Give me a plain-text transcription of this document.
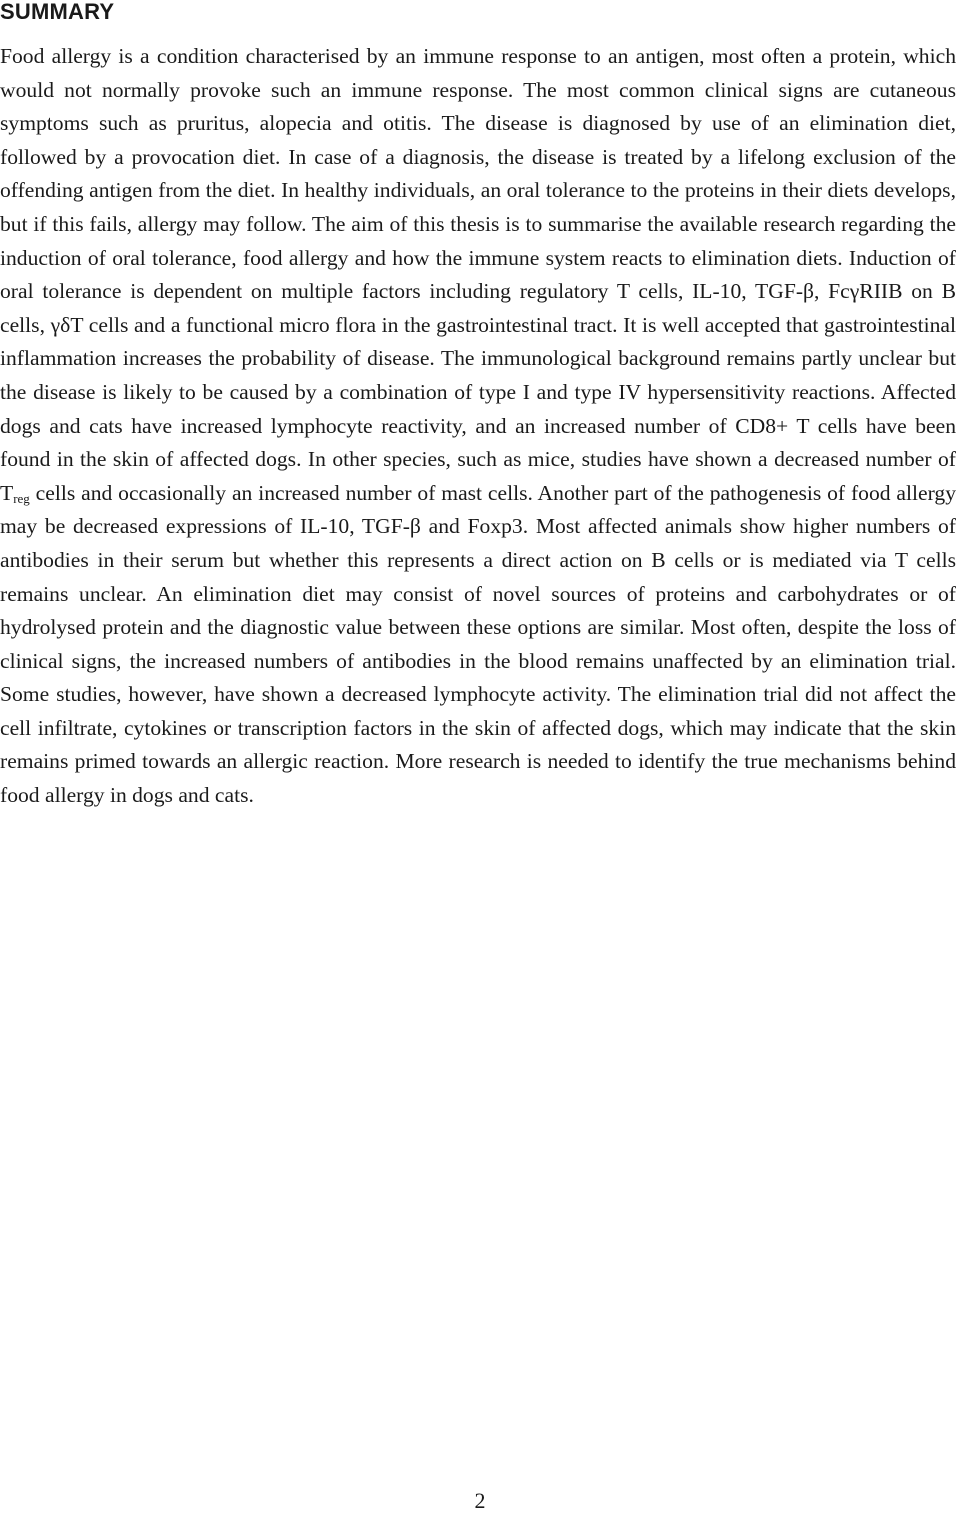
SUMMARY

Food allergy is a condition characterised by an immune response to an antigen, most often a protein, which would not normally provoke such an immune response. The most common clinical signs are cutaneous symptoms such as pruritus, alopecia and otitis. The disease is diagnosed by use of an elimination diet, followed by a provocation diet. In case of a diagnosis, the disease is treated by a lifelong exclusion of the offending antigen from the diet. In healthy individuals, an oral tolerance to the proteins in their diets develops, but if this fails, allergy may follow. The aim of this thesis is to summarise the available research regarding the induction of oral tolerance, food allergy and how the immune system reacts to elimination diets. Induction of oral tolerance is dependent on multiple factors including regulatory T cells, IL-10, TGF-β, FcγRIIB on B cells, γδT cells and a functional micro flora in the gastrointestinal tract. It is well accepted that gastrointestinal inflammation increases the probability of disease. The immunological background remains partly unclear but the disease is likely to be caused by a combination of type I and type IV hypersensitivity reactions. Affected dogs and cats have increased lymphocyte reactivity, and an increased number of CD8+ T cells have been found in the skin of affected dogs. In other species, such as mice, studies have shown a decreased number of $T_{reg}$ cells and occasionally an increased number of mast cells. Another part of the pathogenesis of food allergy may be decreased expressions of IL-10, TGF-β and Foxp3. Most affected animals show higher numbers of antibodies in their serum but whether this represents a direct action on B cells or is mediated via T cells remains unclear. An elimination diet may consist of novel sources of proteins and carbohydrates or of hydrolysed protein and the diagnostic value between these options are similar. Most often, despite the loss of clinical signs, the increased numbers of antibodies in the blood remains unaffected by an elimination trial. Some studies, however, have shown a decreased lymphocyte activity. The elimination trial did not affect the cell infiltrate, cytokines or transcription factors in the skin of affected dogs, which may indicate that the skin remains primed towards an allergic reaction. More research is needed to identify the true mechanisms behind food allergy in dogs and cats.

2
